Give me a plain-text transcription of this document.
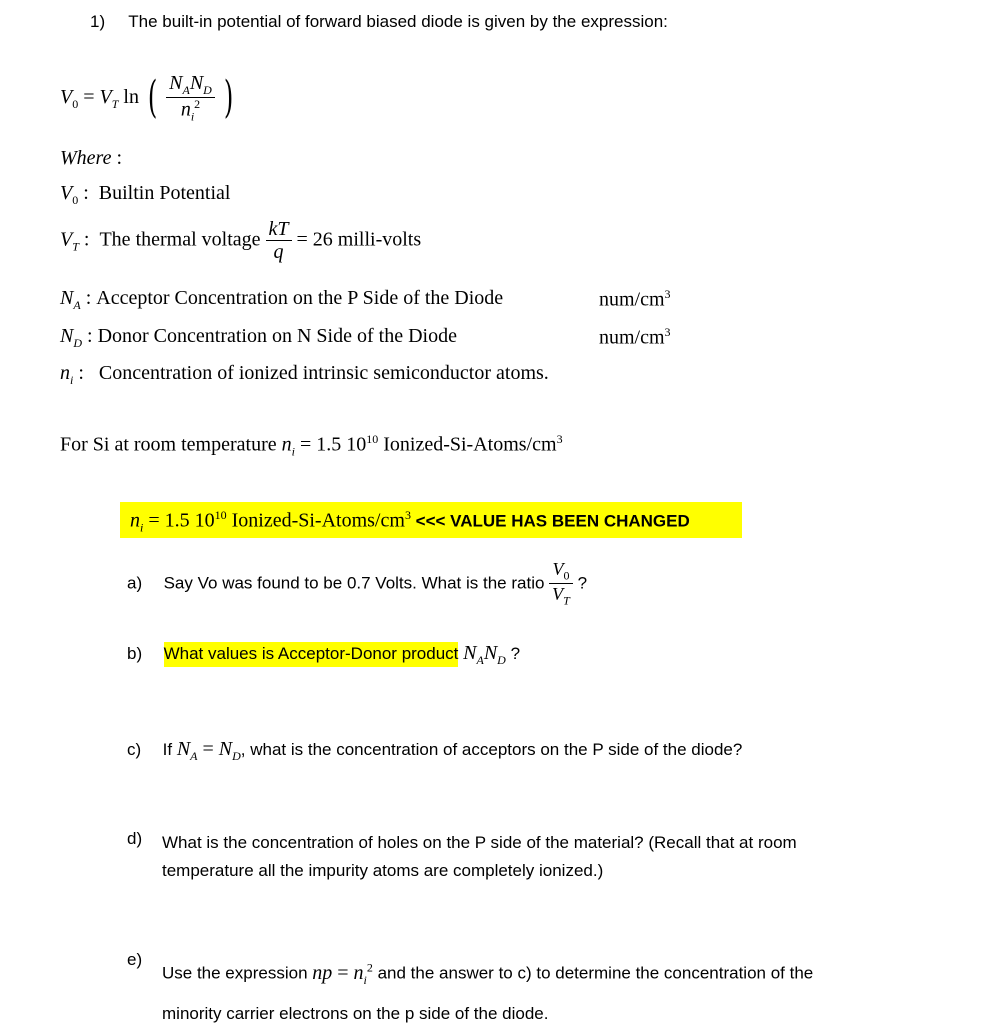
1) The built-in potential of forward biased diode is given by the expression:
$V_0 = V_T$ ln ( $\frac{N_AN_D}{n_i^2}$ )
Where :
$V_0$ :  Builtin Potential
$V_T$ :  The thermal voltage $\frac{kT}{q} = 26$ milli-volts
$N_A$ : Acceptor Concentration on the P Side of the Diode	num/$cm^3$
$N_D$ : Donor Concentration on N Side of the Diode	num/$cm^3$
$n_i$ :   Concentration of ionized intrinsic semiconductor atoms.
For Si at room temperature $n_i = 1.5$ $10^{10}$ Ionized-$Si-Atoms/cm^3$
$n_i = 1.5$ $10^{10}$ Ionized-$Si-Atoms/cm^3$ <<< VALUE HAS BEEN CHANGED
a) Say Vo was found to be 0.7 Volts. What is the ratio $\frac{V_0}{V_T}$ ?
b) What values is Acceptor-Donor product $N_AN_D$ ?
c) If $N_A = N_D$, what is the concentration of acceptors on the P side of the diode?
d) What is the concentration of holes on the P side of the material? (Recall that at room
temperature all the impurity atoms are completely ionized.)
e)
Use the expression np = $n_i^2$ and the answer to c) to determine the concentration of the
minority carrier electrons on the p side of the diode.
